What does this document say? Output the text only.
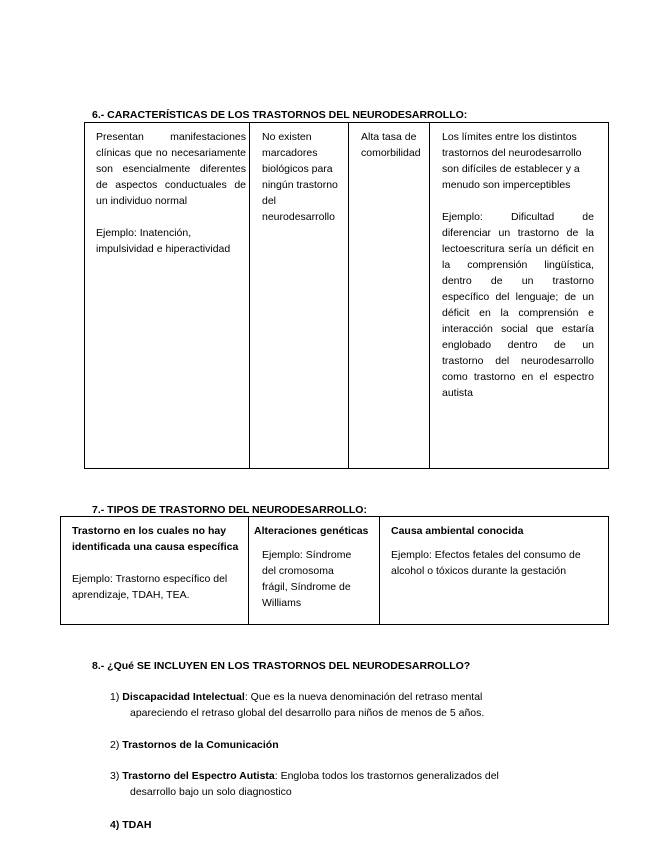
6.- CARACTERÍSTICAS DE LOS TRASTORNOS DEL NEURODESARROLLO:
Presentan manifestaciones clínicas que no necesariamente son esencialmente diferentes de aspectos conductuales de un individuo normal
Ejemplo: Inatención, impulsividad e hiperactividad

No existen marcadores biológicos para ningún trastorno del neurodesarrollo

Alta tasa de comorbilidad

Los límites entre los distintos trastornos del neurodesarrollo son difíciles de establecer y a menudo son imperceptibles
Ejemplo: Dificultad de diferenciar un trastorno de la lectoescritura sería un déficit en la comprensión lingüística, dentro de un trastorno específico del lenguaje; de un déficit en la comprensión e interacción social que estaría englobado dentro de un trastorno del neurodesarrollo como trastorno en el espectro autista
7.- TIPOS DE TRASTORNO DEL NEURODESARROLLO:
Trastorno en los cuales no hay identificada una causa específica
Ejemplo: Trastorno específico del aprendizaje, TDAH, TEA.

Alteraciones genéticas
Ejemplo: Síndrome del cromosoma frágil, Síndrome de Williams

Causa ambiental conocida
Ejemplo: Efectos fetales del consumo de alcohol o tóxicos durante la gestación
8.- ¿Qué SE INCLUYEN EN LOS TRASTORNOS DEL NEURODESARROLLO?
1) Discapacidad Intelectual: Que es la nueva denominación del retraso mental
apareciendo el retraso global del desarrollo para niños de menos de 5 años.
2) Trastornos de la Comunicación
3) Trastorno del Espectro Autista: Engloba todos los trastornos generalizados del
desarrollo bajo un solo diagnostico
4) TDAH
